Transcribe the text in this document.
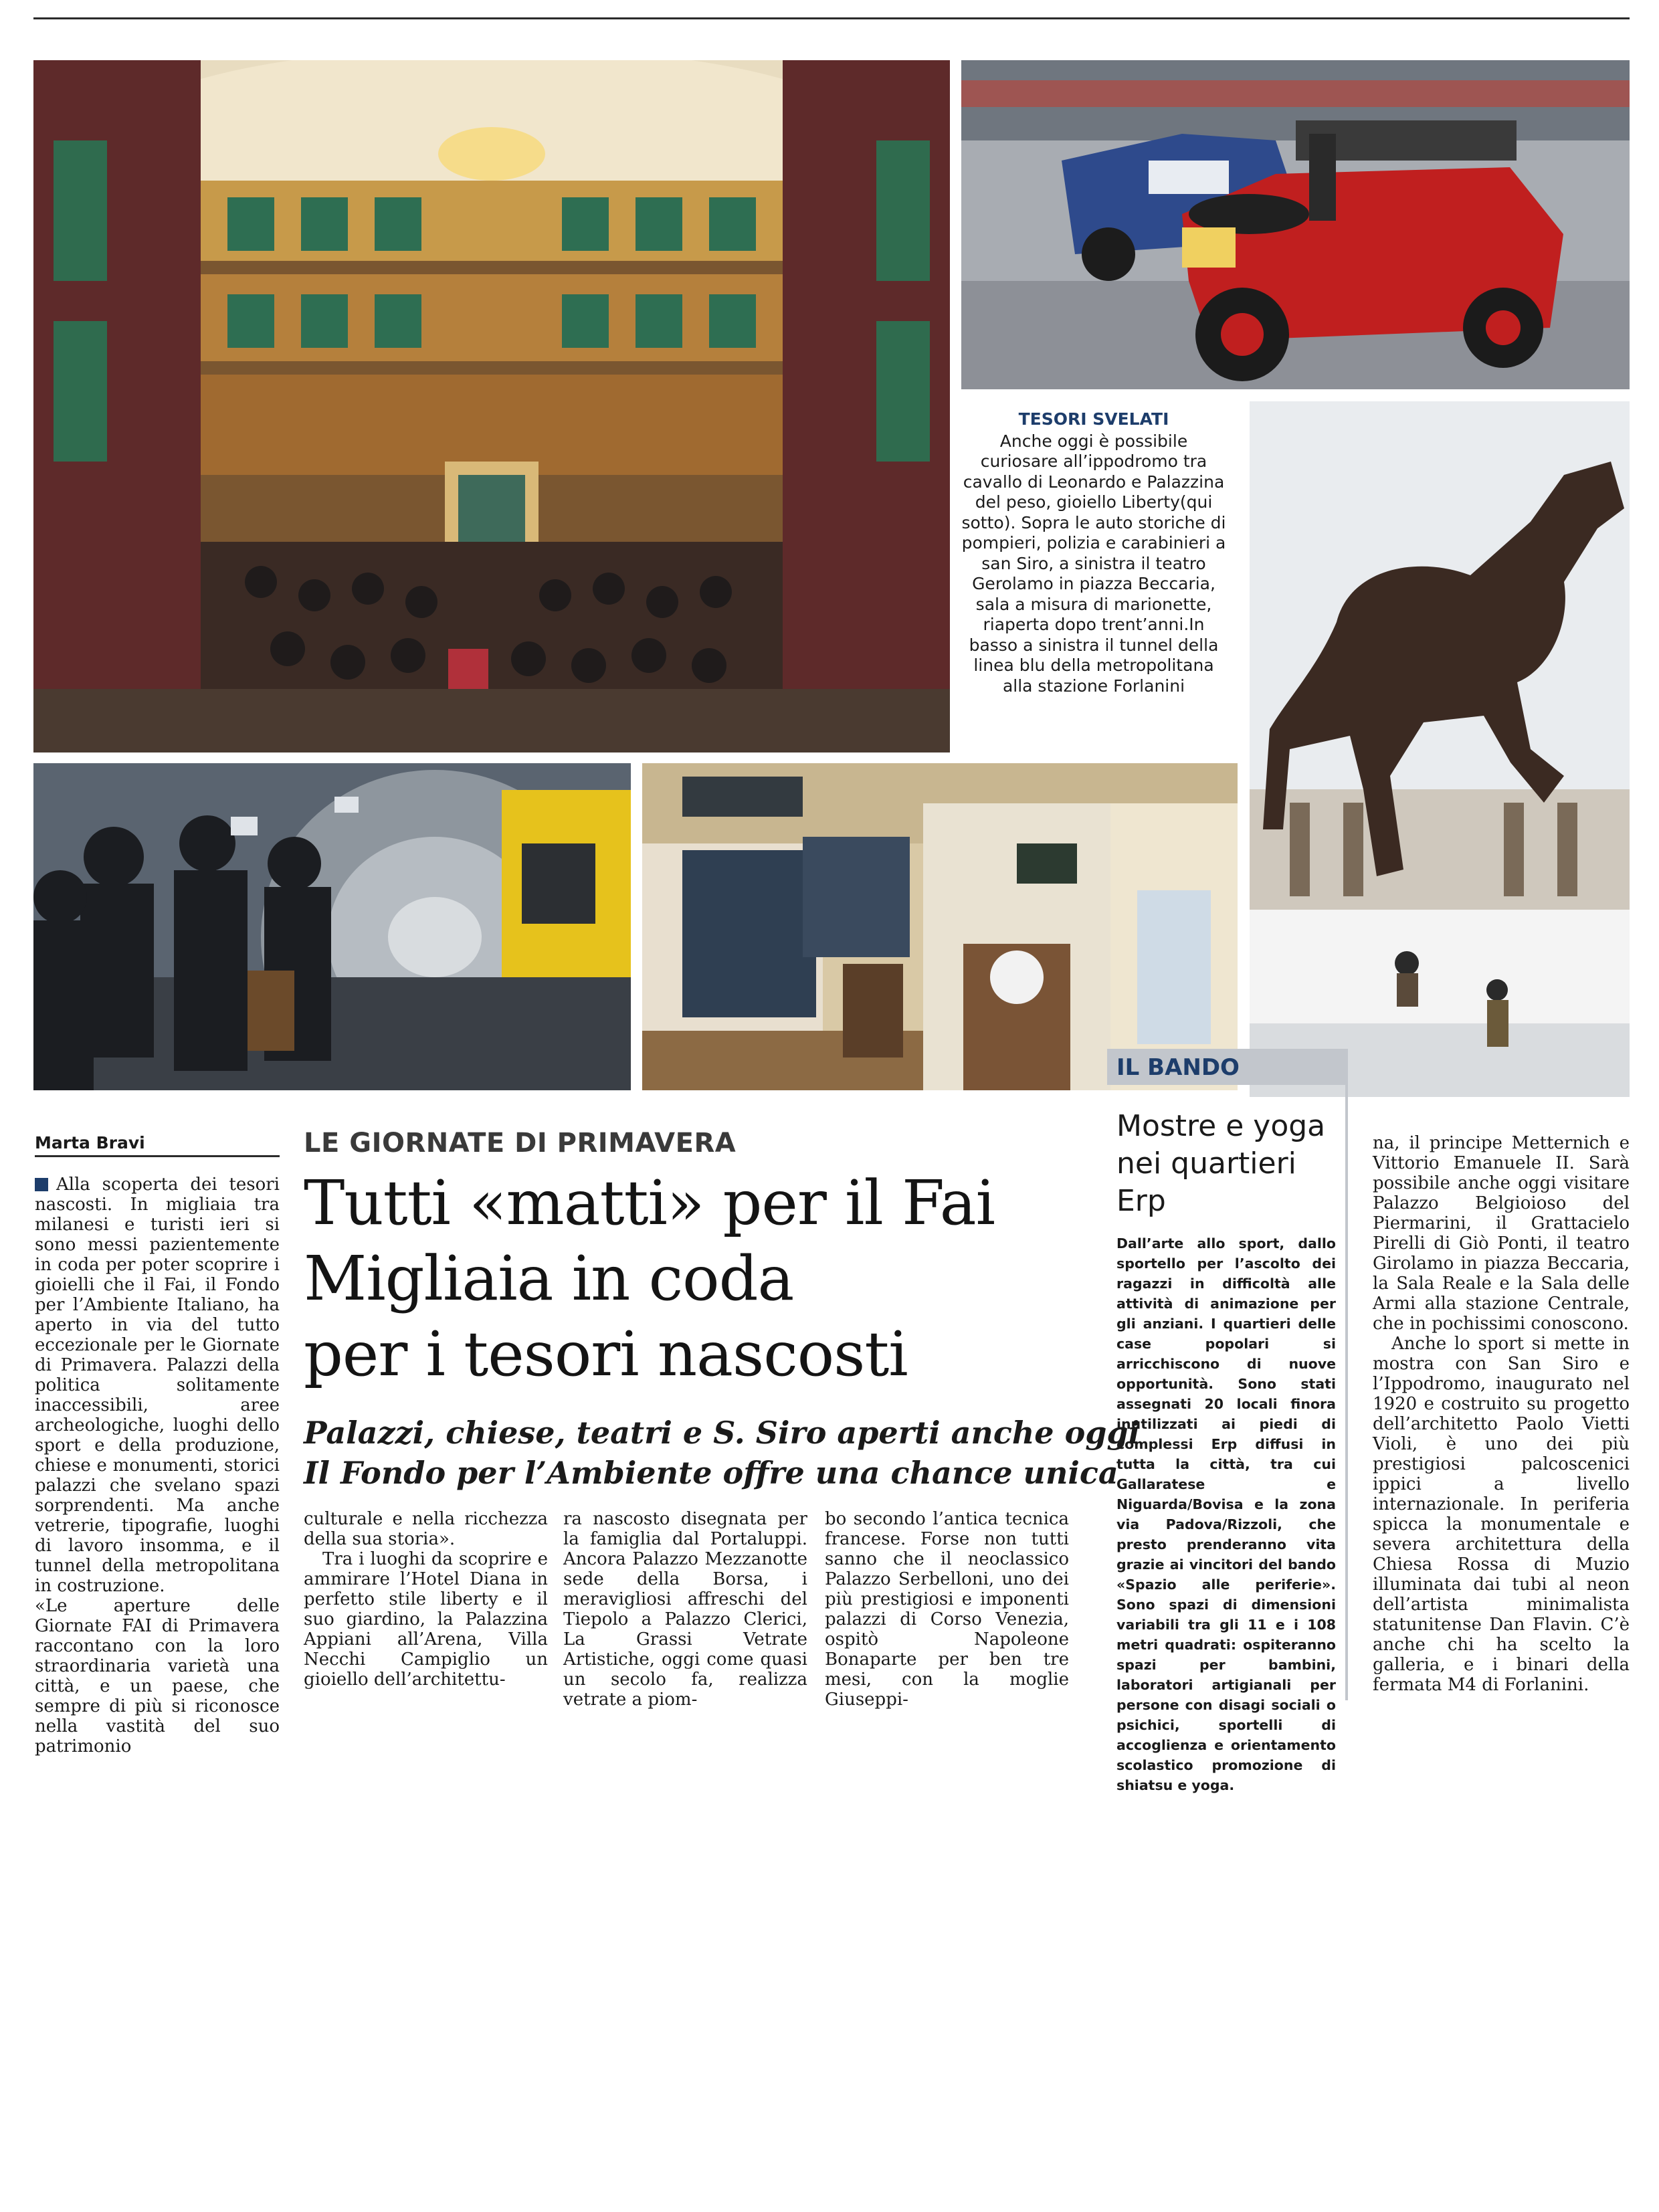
TESORI SVELATI
Anche oggi è possibile curiosare all’ippodromo tra cavallo di Leonardo e Palazzina del peso, gioiello Liberty(qui sotto). Sopra le auto storiche di pompieri, polizia e carabinieri a san Siro, a sinistra il teatro Gerolamo in piazza Beccaria, sala a misura di marionette, riaperta dopo trent’anni.In basso a sinistra il tunnel della linea blu della metropolitana alla stazione Forlanini
Marta Bravi

Alla scoperta dei tesori nascosti. In migliaia tra milanesi e turisti ieri si sono messi pazientemente in coda per poter scoprire i gioielli che il Fai, il Fondo per l’Ambiente Italiano, ha aperto in via del tutto eccezionale per le Giornate di Primavera. Palazzi della politica solitamente inaccessibili, aree archeologiche, luoghi dello sport e della produzione, chiese e monumenti, storici palazzi che svelano spazi sorprendenti. Ma anche vetrerie, tipografie, luoghi di lavoro insomma, e il tunnel della metropolitana in costruzione.

«Le aperture delle Giornate FAI di Primavera raccontano con la loro straordinaria varietà una città, e un paese, che sempre di più si riconosce nella vastità del suo patrimonio

LE GIORNATE DI PRIMAVERA
Tutti «matti» per il Fai
Migliaia in coda
per i tesori nascosti
Palazzi, chiese, teatri e S. Siro aperti anche oggi
Il Fondo per l’Ambiente offre una chance unica

culturale e nella ricchezza della sua storia».

Tra i luoghi da scoprire e ammirare l’Hotel Diana in perfetto stile liberty e il suo giardino, la Palazzina Appiani all’Arena, Villa Necchi Campiglio un gioiello dell’architettu-

ra nascosto disegnata per la famiglia dal Portaluppi. Ancora Palazzo Mezzanotte sede della Borsa, i meravigliosi affreschi del Tiepolo a Palazzo Clerici, La Grassi Vetrate Artistiche, oggi come quasi un secolo fa, realizza vetrate a piom-

bo secondo l’antica tecnica francese. Forse non tutti sanno che il neoclassico Palazzo Serbelloni, uno dei più prestigiosi e imponenti palazzi di Corso Venezia, ospitò Napoleone Bonaparte per ben tre mesi, con la moglie Giuseppi-

IL BANDO
Mostre e yoga nei quartieri Erp
Dall’arte allo sport, dallo sportello per l’ascolto dei ragazzi in difficoltà alle attività di animazione per gli anziani. I quartieri delle case popolari si arricchiscono di nuove opportunità. Sono stati assegnati 20 locali finora inutilizzati ai piedi di complessi Erp diffusi in tutta la città, tra cui Gallaratese e Niguarda/Bovisa e la zona via Padova/Rizzoli, che presto prenderanno vita grazie ai vincitori del bando «Spazio alle periferie». Sono spazi di dimensioni variabili tra gli 11 e i 108 metri quadrati: ospiteranno spazi per bambini, laboratori artigianali per persone con disagi sociali o psichici, sportelli di accoglienza e orientamento scolastico promozione di shiatsu e yoga.

na, il principe Metternich e Vittorio Emanuele II. Sarà possibile anche oggi visitare Palazzo Belgioioso del Piermarini, il Grattacielo Pirelli di Giò Ponti, il teatro Girolamo in piazza Beccaria, la Sala Reale e la Sala delle Armi alla stazione Centrale, che in pochissimi conoscono.

Anche lo sport si mette in mostra con San Siro e l’Ippodromo, inaugurato nel 1920 e costruito su progetto dell’architetto Paolo Vietti Violi, è uno dei più prestigiosi palcoscenici ippici a livello internazionale. In periferia spicca la monumentale e severa architettura della Chiesa Rossa di Muzio illuminata dai tubi al neon dell’artista minimalista statunitense Dan Flavin. C’è anche chi ha scelto la galleria, e i binari della fermata M4 di Forlanini.
